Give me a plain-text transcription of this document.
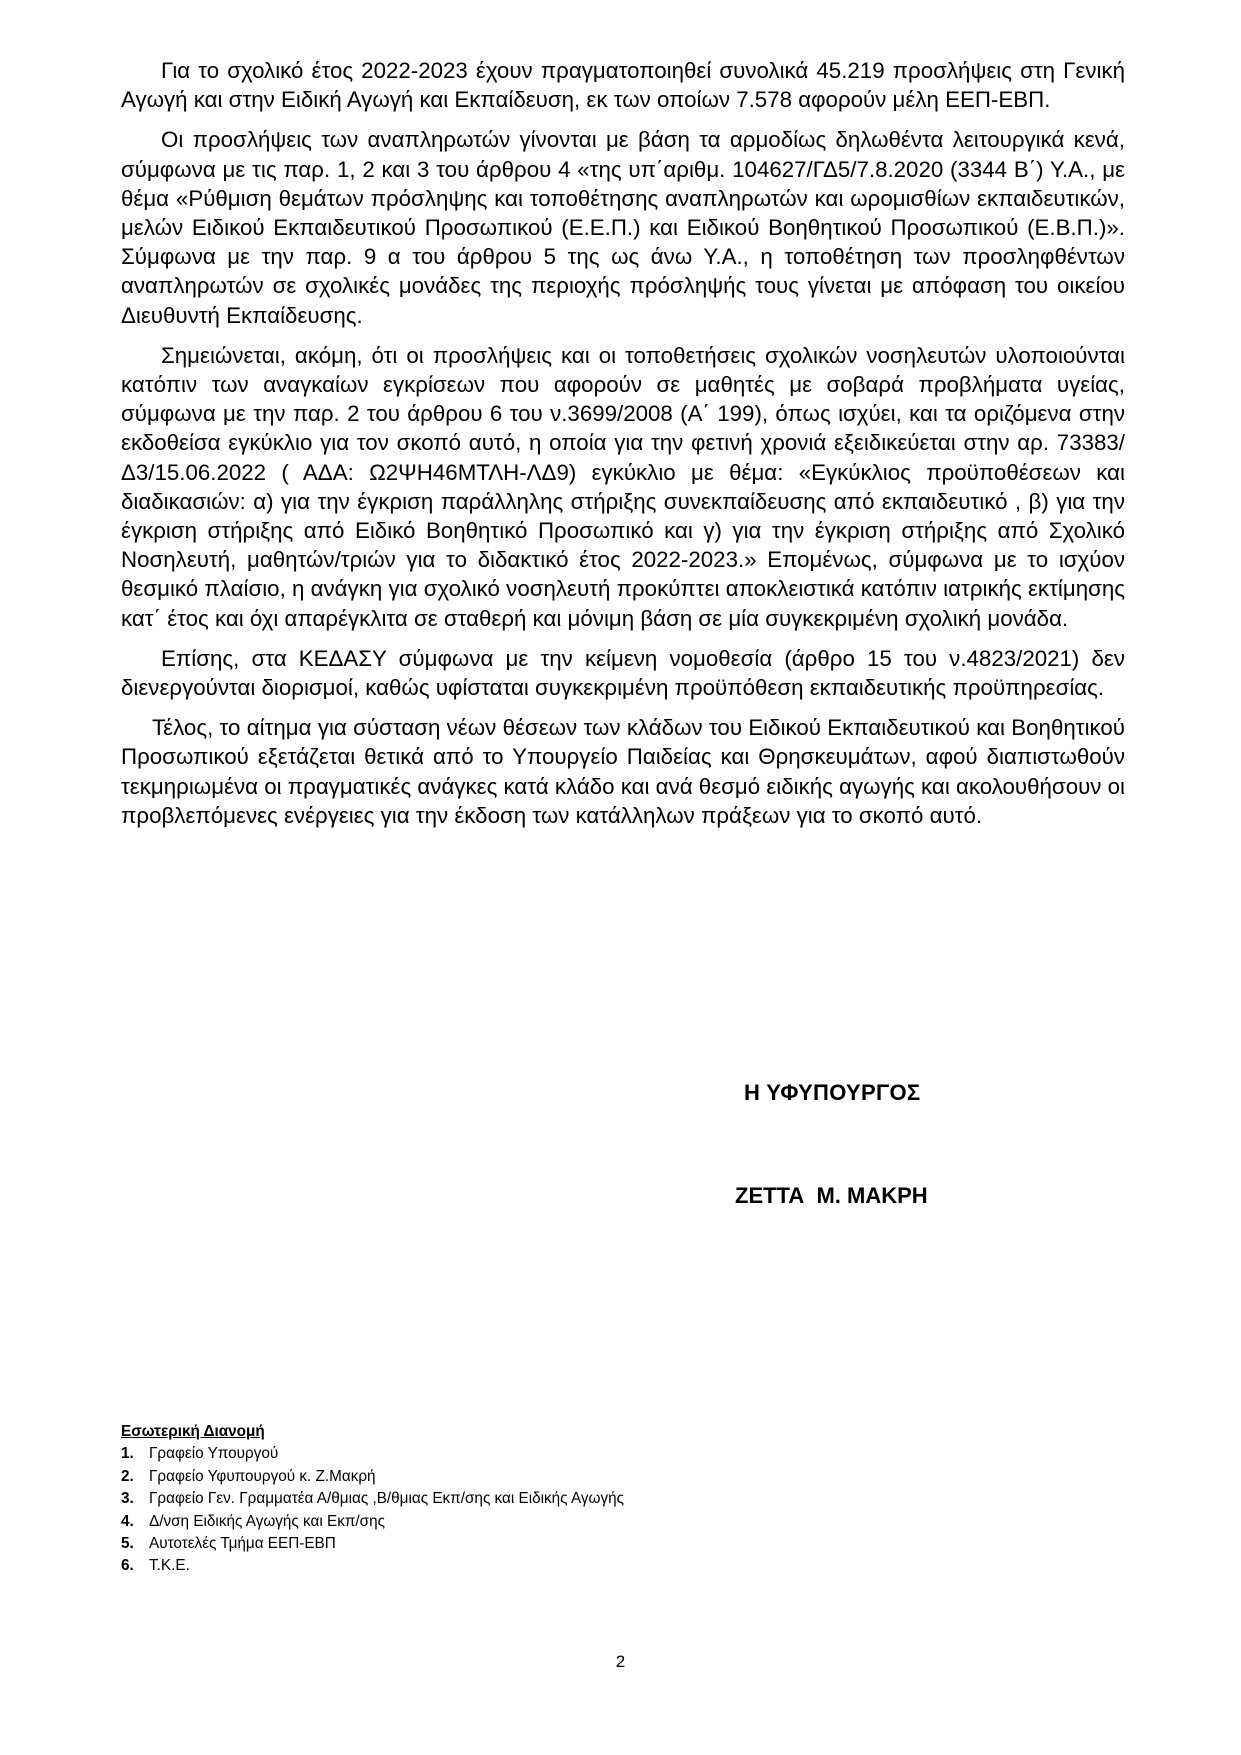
Για το σχολικό έτος 2022-2023 έχουν πραγματοποιηθεί συνολικά 45.219 προσλήψεις στη Γενική Αγωγή και στην Ειδική Αγωγή και Εκπαίδευση, εκ των οποίων 7.578 αφορούν μέλη ΕΕΠ-ΕΒΠ.

Οι προσλήψεις των αναπληρωτών γίνονται με βάση τα αρμοδίως δηλωθέντα λειτουργικά κενά, σύμφωνα με τις παρ. 1, 2 και 3 του άρθρου 4 «της υπ΄αριθμ. 104627/ΓΔ5/7.8.2020 (3344 Β΄) Υ.Α., με θέμα «Ρύθμιση θεμάτων πρόσληψης και τοποθέτησης αναπληρωτών και ωρομισθίων εκπαιδευτικών, μελών Ειδικού Εκπαιδευτικού Προσωπικού (Ε.Ε.Π.) και Ειδικού Βοηθητικού Προσωπικού (Ε.Β.Π.)». Σύμφωνα με την παρ. 9 α του άρθρου 5 της ως άνω Υ.Α., η τοποθέτηση των προσληφθέντων αναπληρωτών σε σχολικές μονάδες της περιοχής πρόσληψής τους γίνεται με απόφαση του οικείου Διευθυντή Εκπαίδευσης.

Σημειώνεται, ακόμη, ότι οι προσλήψεις και οι τοποθετήσεις σχολικών νοσηλευτών υλοποιούνται κατόπιν των αναγκαίων εγκρίσεων που αφορούν σε μαθητές με σοβαρά προβλήματα υγείας, σύμφωνα με την παρ. 2 του άρθρου 6 του ν.3699/2008 (Α΄ 199), όπως ισχύει, και τα οριζόμενα στην εκδοθείσα εγκύκλιο για τον σκοπό αυτό, η οποία για την φετινή χρονιά εξειδικεύεται στην αρ. 73383/Δ3/15.06.2022 ( ΑΔΑ: Ω2ΨΗ46ΜΤΛΗ-ΛΔ9) εγκύκλιο με θέμα: «Εγκύκλιος προϋποθέσεων και διαδικασιών: α) για την έγκριση παράλληλης στήριξης συνεκπαίδευσης από εκπαιδευτικό , β) για την έγκριση στήριξης από Ειδικό Βοηθητικό Προσωπικό και γ) για την έγκριση στήριξης από Σχολικό Νοσηλευτή, μαθητών/τριών για το διδακτικό έτος 2022-2023.» Επομένως, σύμφωνα με το ισχύον θεσμικό πλαίσιο, η ανάγκη για σχολικό νοσηλευτή προκύπτει αποκλειστικά κατόπιν ιατρικής εκτίμησης κατ΄ έτος και όχι απαρέγκλιτα σε σταθερή και μόνιμη βάση σε μία συγκεκριμένη σχολική μονάδα.

Επίσης, στα ΚΕΔΑΣΥ σύμφωνα με την κείμενη νομοθεσία (άρθρο 15 του ν.4823/2021) δεν διενεργούνται διορισμοί, καθώς υφίσταται συγκεκριμένη προϋπόθεση εκπαιδευτικής προϋπηρεσίας.

Τέλος, το αίτημα για σύσταση νέων θέσεων των κλάδων του Ειδικού Εκπαιδευτικού και Βοηθητικού Προσωπικού εξετάζεται θετικά από το Υπουργείο Παιδείας και Θρησκευμάτων, αφού διαπιστωθούν τεκμηριωμένα οι πραγματικές ανάγκες κατά κλάδο και ανά θεσμό ειδικής αγωγής και ακολουθήσουν οι προβλεπόμενες ενέργειες για την έκδοση των κατάλληλων πράξεων για το σκοπό αυτό.

Η ΥΦΥΠΟΥΡΓΟΣ
ΖΕΤΤΑ  Μ. ΜΑΚΡΗ
Εσωτερική Διανομή
1. Γραφείο Υπουργού
2. Γραφείο Υφυπουργού κ. Ζ.Μακρή
3. Γραφείο Γεν. Γραμματέα Α/θμιας ,Β/θμιας Εκπ/σης και Ειδικής Αγωγής
4. Δ/νση Ειδικής Αγωγής και Εκπ/σης
5. Αυτοτελές Τμήμα ΕΕΠ-ΕΒΠ
6. Τ.Κ.Ε.
2
